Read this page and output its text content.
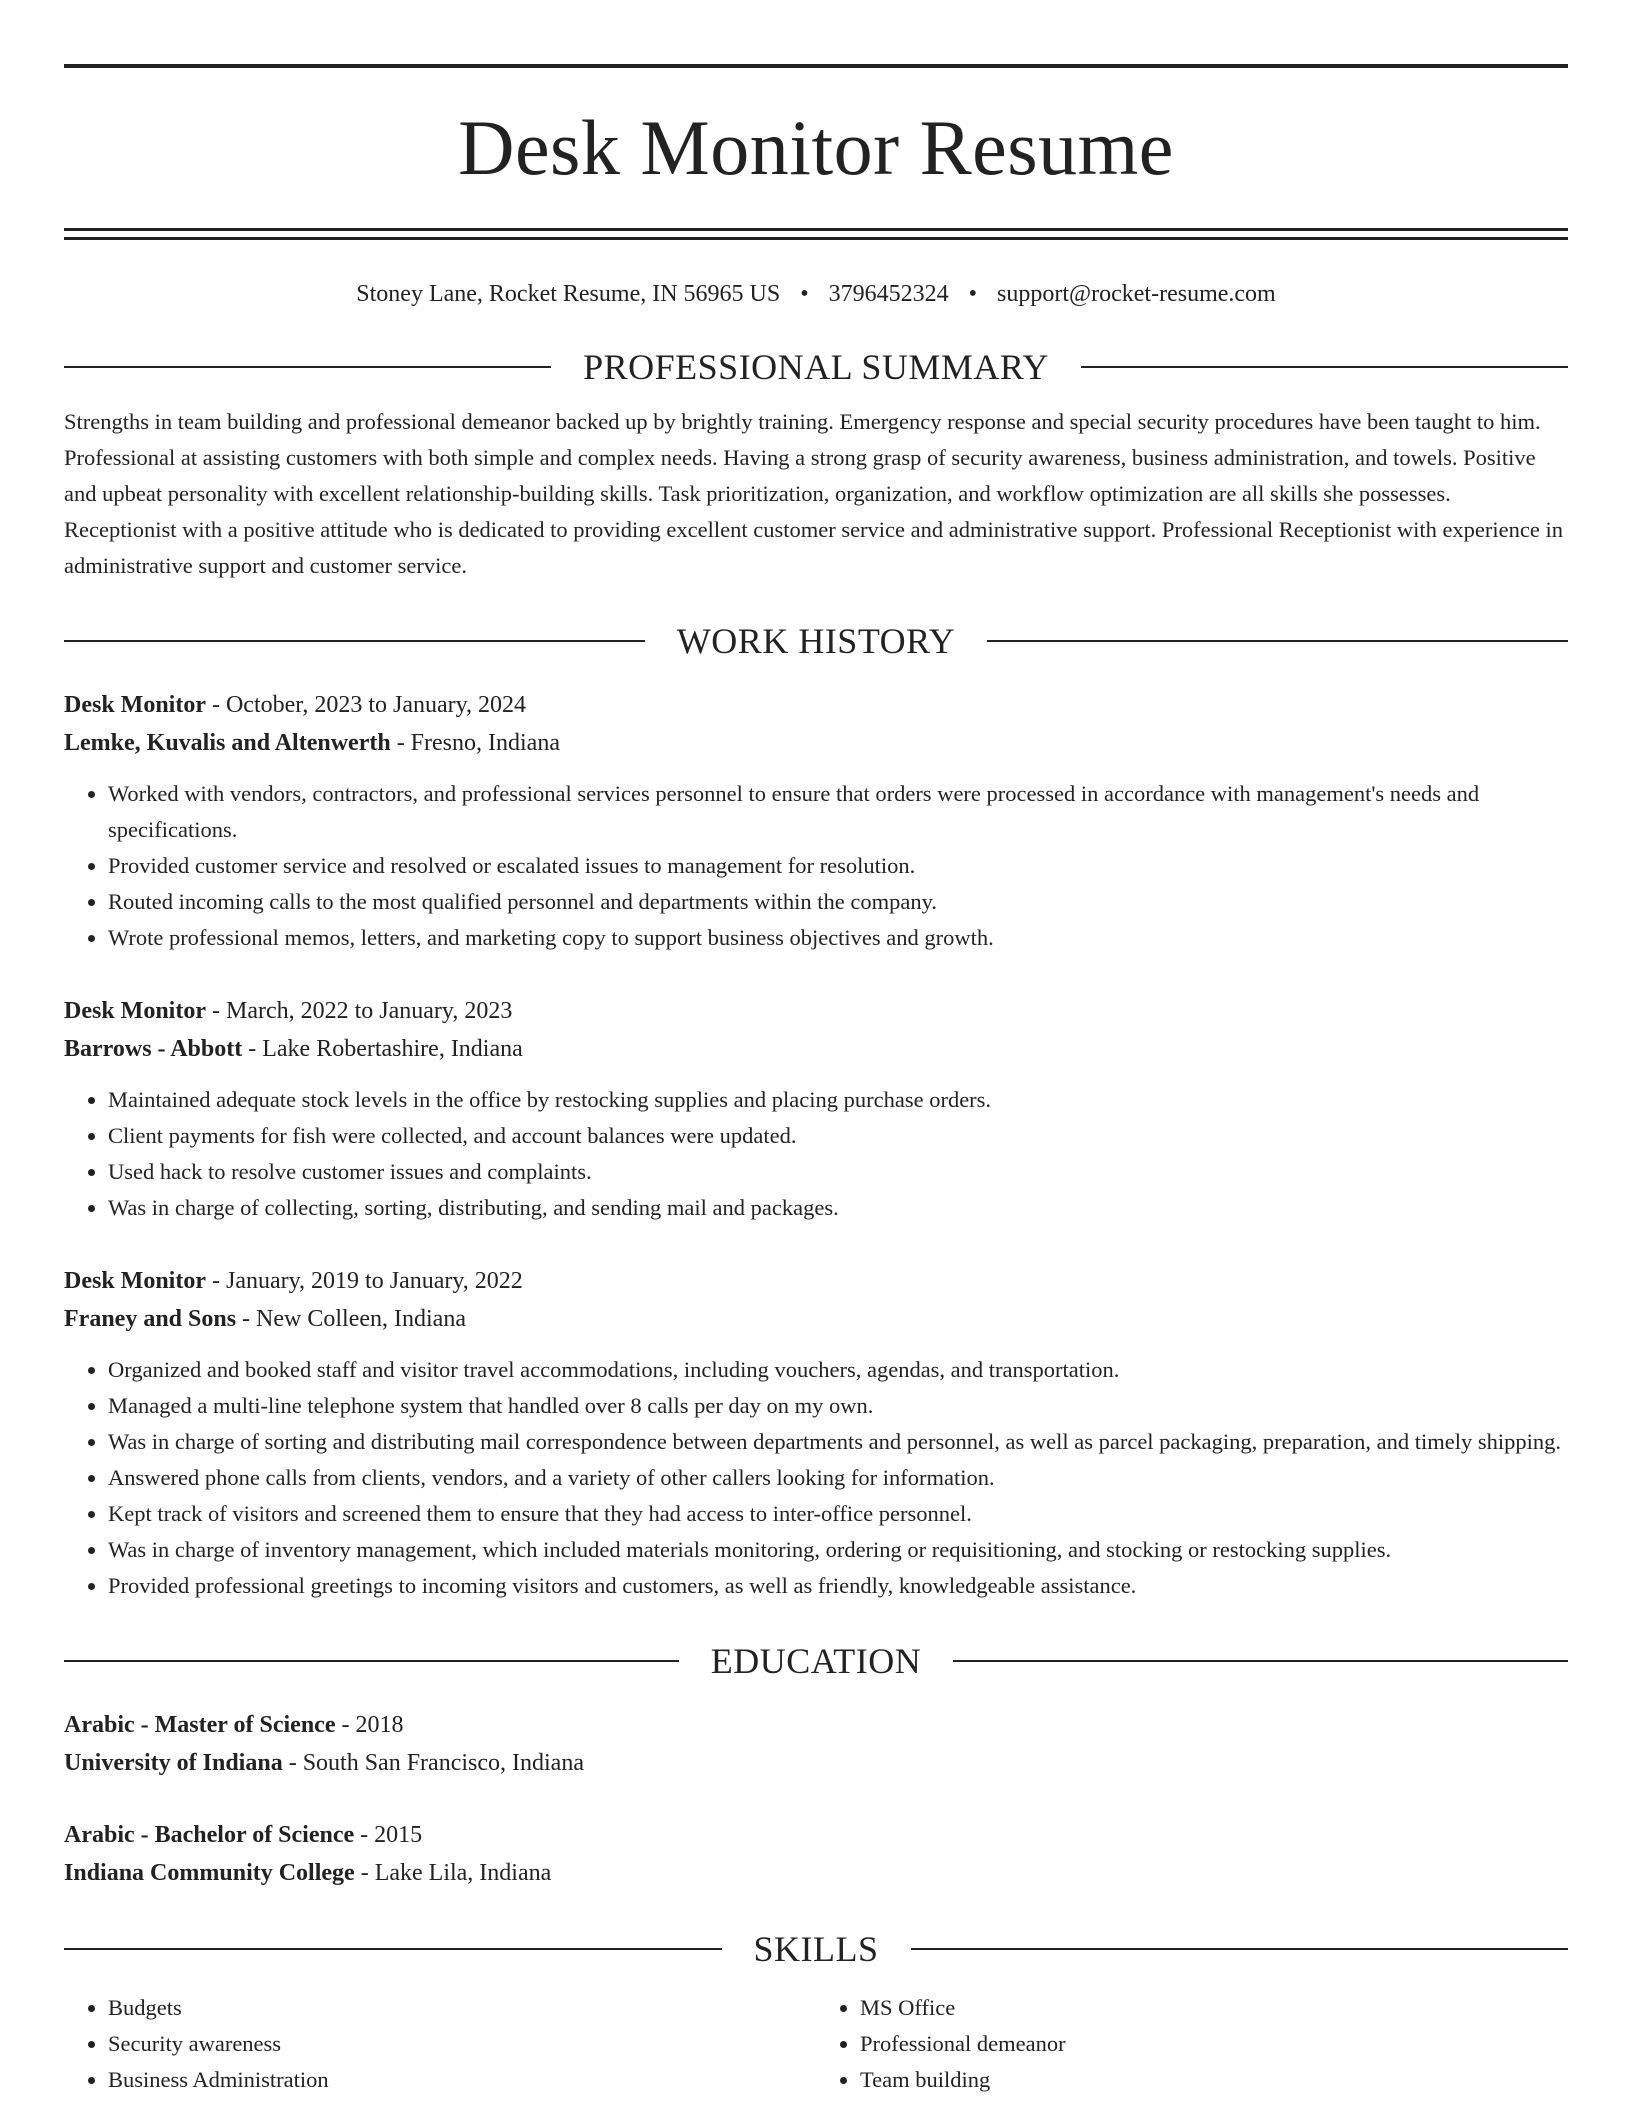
Desk Monitor Resume
Stoney Lane, Rocket Resume, IN 56965 US • 3796452324 • support@rocket-resume.com
PROFESSIONAL SUMMARY
Strengths in team building and professional demeanor backed up by brightly training. Emergency response and special security procedures have been taught to him. Professional at assisting customers with both simple and complex needs. Having a strong grasp of security awareness, business administration, and towels. Positive and upbeat personality with excellent relationship-building skills. Task prioritization, organization, and workflow optimization are all skills she possesses. Receptionist with a positive attitude who is dedicated to providing excellent customer service and administrative support. Professional Receptionist with experience in administrative support and customer service.
WORK HISTORY
Desk Monitor - October, 2023 to January, 2024
Lemke, Kuvalis and Altenwerth - Fresno, Indiana
• Worked with vendors, contractors, and professional services personnel to ensure that orders were processed in accordance with management's needs and specifications.
• Provided customer service and resolved or escalated issues to management for resolution.
• Routed incoming calls to the most qualified personnel and departments within the company.
• Wrote professional memos, letters, and marketing copy to support business objectives and growth.
Desk Monitor - March, 2022 to January, 2023
Barrows - Abbott - Lake Robertashire, Indiana
• Maintained adequate stock levels in the office by restocking supplies and placing purchase orders.
• Client payments for fish were collected, and account balances were updated.
• Used hack to resolve customer issues and complaints.
• Was in charge of collecting, sorting, distributing, and sending mail and packages.
Desk Monitor - January, 2019 to January, 2022
Franey and Sons - New Colleen, Indiana
• Organized and booked staff and visitor travel accommodations, including vouchers, agendas, and transportation.
• Managed a multi-line telephone system that handled over 8 calls per day on my own.
• Was in charge of sorting and distributing mail correspondence between departments and personnel, as well as parcel packaging, preparation, and timely shipping.
• Answered phone calls from clients, vendors, and a variety of other callers looking for information.
• Kept track of visitors and screened them to ensure that they had access to inter-office personnel.
• Was in charge of inventory management, which included materials monitoring, ordering or requisitioning, and stocking or restocking supplies.
• Provided professional greetings to incoming visitors and customers, as well as friendly, knowledgeable assistance.
EDUCATION
Arabic - Master of Science - 2018
University of Indiana - South San Francisco, Indiana
Arabic - Bachelor of Science - 2015
Indiana Community College - Lake Lila, Indiana
SKILLS
• Budgets
• Security awareness
• Business Administration
• MS Office
• Professional demeanor
• Team building
